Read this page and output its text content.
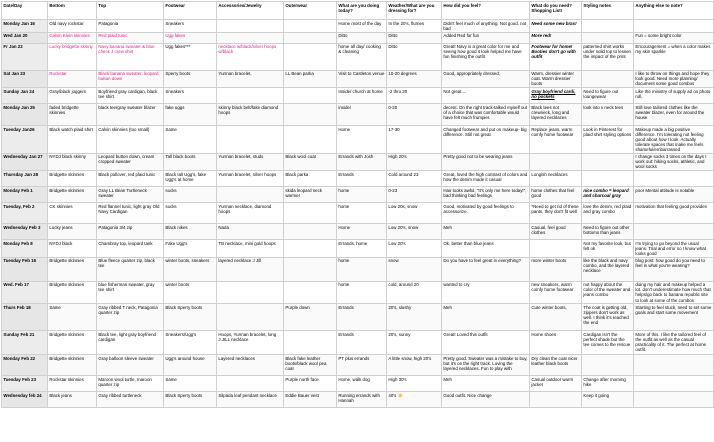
Date/Day	Bottom	Top	Footwear	Accessories/Jewelry	Outerwear	What are you doing today?	Weather/What are you dressing for?	How did you feel?	What do you need? Shopping List!	Styling notes	Anything else to note?
Monday Jan 16	Old navy rockstar	Patagonia	Sneakers			Home most of the day	In the 20's, flurries	Didn't feel much of anything. Not good, not bad	Need some new bras!		
Wed Jan 20	Calvin Klein skinnies	Red plaid tunic	Ugg fakes			Ditto	Ditto	Added Red for fun	More red!		Fun = some bright color
Fr Jan 22	Lucky bridgette skinny	Navy banana sweater & blue check J crew shirt	Ugg fakes***	necklace w/black/silver hoops w/black		home all day/ cooking & cleaning	Ditto	Great! Navy is a great color for me and seeing how good it look helped me have fun finishing the outfit	Footwear for home! Booties don't go with outfit	patterned shirt works under solid top to lessen the impact of the print	Encouragement = when a color makes my skin sparkle
Sat Jan 23	Rockstar	Black banana sweater, leopard button down	Sperry boots	Yurman bracelet,	LL Bean parka	Visit to Castleton venue	10-20 degrees	Good, appropriately dressed,	Warm, dressier winter coat. Warm dressier boots		I like to throw on things and hope they look good. Need more planning/ document some good combos
Sunday Jan 24	Gray/black joggers	Boyfriend gray cardigan, black tee shirt	Sneakers			Inside/ church at home	-2 thru 20	Not great....	Gray boyfriend cardi, no pockets	Need to figure out loungewear	Like the ministry of supply ad on photo roll,
Monday Jan 25	faded bridgette skinnies	black teergray sweater blazer	fake uggs	skinny black belt/fake diamond hoops		inside/	0-20	decent. On the right track-talked myself out of a choice that was comfortable would have felt much frumpier.	Black tees not crewneck, long and layered necklaces	look into v neck tees	Still love tailored clothes like the sweater blazer, even for around the house
Tuesday Jan26	Black watch plaid shirt	Calvin skinnies (too small)	Same			Home	17-30	Changed footwear and put on makeup- big difference. Still not great	Replace jeans, warm comfy home footwear	Look in Pinterest for plaid shirt styling options	Makeup made a big positive difference. I'm tolerating not feeling good about how I look. Actually tolerate spaces that make me feels shameful/embarrassed
Wednesday Jan 27	NYDJ black skinny	Leopard button down, cream cropped sweater	Tall black boots	Yurman bracelet, studs	Black wool coat	Errands with Josh	High 20's	Pretty good not to be wearing jeans			I change socks 3 times on the days I work out: hiking socks, athletic, and wool socks
Thursday Jan 28	Bridgette skinnies	Black pullover, red plaid tunic	Black tall Ugg's, fake Ugg's at home	Yurman bracelet, silver hoops	Black parka	Errands	Cold around 23	Great, loved the high contrast of colors and how the denim made it casual	Longish necklaces		
Monday Feb 1	Bridgette skinnies	Gray LL Bean Turtleneck sweater	socks		skida leopard neck warmer	home	0-23	Hair looks awful, "It's only me here today!", bad thinking bad feelings	home clothes that feel good	nice combo = leopard and charcoal gray	poor Mental attitude is notable
Tuesday, Feb 2	CK skinnies	Red flannel tunic, light gray Old Navy Cardigan	socks	Yurman necklace, diamond hoops		home	Low 20s, snow	Good, motivated by good feelings to accessorize.	*Need to get rid of these pants, they don't fit well	love the denim, red plaid and gray combo	motivation that feeling good provides
Wednesday Feb 3	Lucky jeans	Patagonia 3/4 zip	Black nikes	Nada		Home	Low 20's, snow	Meh	Casual, feel good clothes	Need to figure out other bottoms than jeans	
Monday Feb 8	NYDJ black	Chambray top, leopard tank	Fake Ugg's	TB necklace, mini gold hoops		Errands, home	Low 20's	Ok, better than blue jeans		Not my favorite look, but felt ok	I'm trying to go beyond the usual jeans. Trial and error so I know what looks good
Tuesday Feb 16	Bridgette skinnies	Blue fleece quarter zip, black tee	winter boots, sneakers	layered necklace J Jill		home	snow	Do you have to feel great in everything?	more winter boots	like the black and navy combo, and the layered necklace	blog post: how good do you need to feel in what you're wearing?
Wed. Feb 17	Bridgette skinnies	blue fisherman sweater, gray tee shirt	winter boots			home	cold, around 20	wanted to cry	new sneakers, warm comfy home footwear	not happy about the color of the sweater and jeans combo	doing my hair and makeup helped a lot. don't underestimate how much that helps/go back to banana republic site to look at some of the combos
Thurs Feb 18	Same	Gray ribbed T neck, Patagonia quarter zip	Black Sperry boots		Purple down	Errands	20's, slushy	Meh	Cute winter boots,	The coat is getting old, zippers don't work as well. I think it's reached the end	Starting to feel stuck, need to set some goals and start some movement
Sunday Feb 21	Bridgette skinnies	Black tee, light gray boyfriend cardigan	Sneakers/Ugg's	Hoops, Yurman bracelet, long J.JILL necklace		Errands	20's, sunny	Great! Loved this outfit	Home shoes	Cardigan isn't the perfect shade but the tee comes to the rescue	More of this. I like the tailored feel of the outfit as well as the casual practicality of it. The perfect at home outfit.
Monday Feb 22	Bridgette skinnies	Gray balloon sleeve sweater	Ugg's around house	Layered necklaces	Black fake leather boots/black wool pea coat	PT plus errands	A little snow, high 20's	Pretty good. Sweater was a mistake to buy, but it's on the right track. Loving the layered necklaces. Fun to play with	Dry clean the coat nicer leather black boots		
Tuesday Feb 23	Rockstar skinnies	Maroon wool turtle, maroon quarter zip	Same		Purple north face	Home, walk dog	High 30's	Meh	Casual outdoor warm jacket	Change after morning hike	
Wednesday feb 24	Black jeans	Gray ribbed turtleneck	Black Sperry boots	Silpada leaf pendant necklace	Eddie Bauer vest	Running errands with Hannah	40's ☀️	Good outfit. Nice change		Keep it going	
